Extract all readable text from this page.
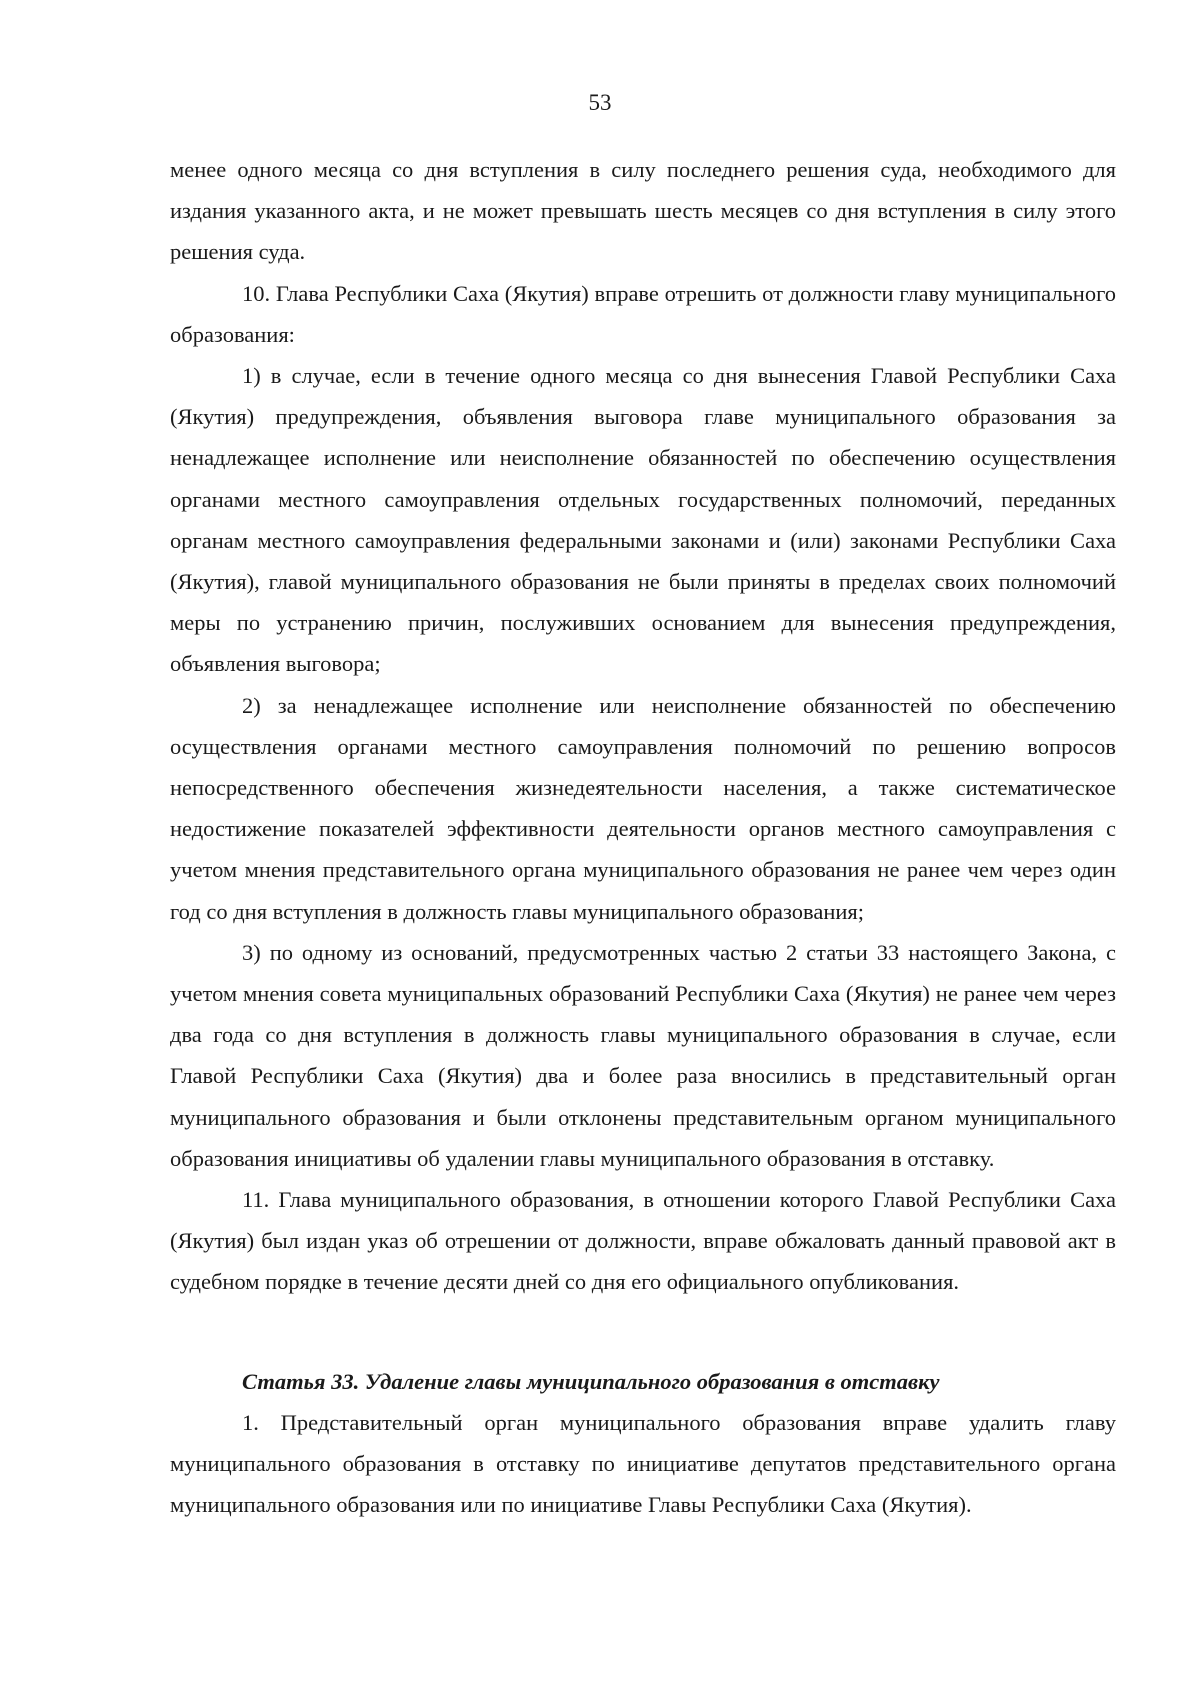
53

менее одного месяца со дня вступления в силу последнего решения суда, необходимого для издания указанного акта, и не может превышать шесть месяцев со дня вступления в силу этого решения суда.

10. Глава Республики Саха (Якутия) вправе отрешить от должности главу муниципального образования:

1) в случае, если в течение одного месяца со дня вынесения Главой Республики Саха (Якутия) предупреждения, объявления выговора главе муниципального образования за ненадлежащее исполнение или неисполнение обязанностей по обеспечению осуществления органами местного самоуправления отдельных государственных полномочий, переданных органам местного самоуправления федеральными законами и (или) законами Республики Саха (Якутия), главой муниципального образования не были приняты в пределах своих полномочий меры по устранению причин, послуживших основанием для вынесения предупреждения, объявления выговора;

2) за ненадлежащее исполнение или неисполнение обязанностей по обеспечению осуществления органами местного самоуправления полномочий по решению вопросов непосредственного обеспечения жизнедеятельности населения, а также систематическое недостижение показателей эффективности деятельности органов местного самоуправления с учетом мнения представительного органа муниципального образования не ранее чем через один год со дня вступления в должность главы муниципального образования;

3) по одному из оснований, предусмотренных частью 2 статьи 33 настоящего Закона, с учетом мнения совета муниципальных образований Республики Саха (Якутия) не ранее чем через два года со дня вступления в должность главы муниципального образования в случае, если Главой Республики Саха (Якутия) два и более раза вносились в представительный орган муниципального образования и были отклонены представительным органом муниципального образования инициативы об удалении главы муниципального образования в отставку.

11. Глава муниципального образования, в отношении которого Главой Республики Саха (Якутия) был издан указ об отрешении от должности, вправе обжаловать данный правовой акт в судебном порядке в течение десяти дней со дня его официального опубликования.

Статья 33. Удаление главы муниципального образования в отставку

1. Представительный орган муниципального образования вправе удалить главу муниципального образования в отставку по инициативе депутатов представительного органа муниципального образования или по инициативе Главы Республики Саха (Якутия).
